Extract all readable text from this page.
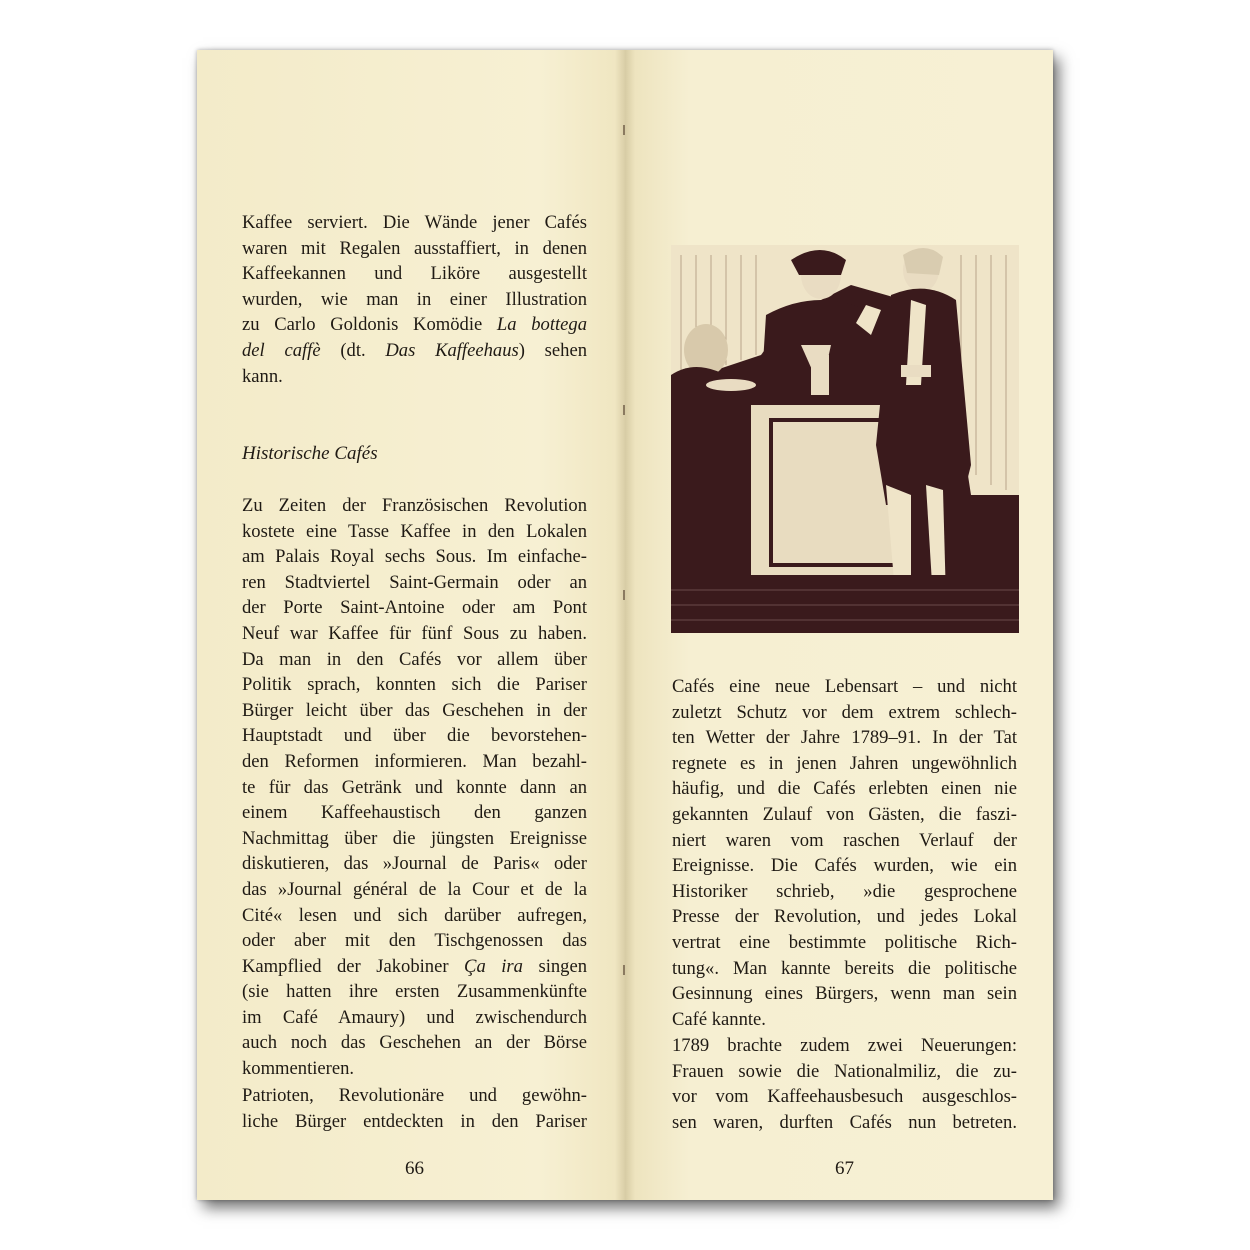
Kaffee serviert. Die Wände jener Cafés
waren mit Regalen ausstaffiert, in denen
Kaffeekannen und Liköre ausgestellt
wurden, wie man in einer Illustration
zu Carlo Goldonis Komödie La bottega
del caffè (dt. Das Kaffeehaus) sehen
kann.
Historische Cafés
Zu Zeiten der Französischen Revolution
kostete eine Tasse Kaffee in den Lokalen
am Palais Royal sechs Sous. Im einfache-
ren Stadtviertel Saint-Germain oder an
der Porte Saint-Antoine oder am Pont
Neuf war Kaffee für fünf Sous zu haben.
Da man in den Cafés vor allem über
Politik sprach, konnten sich die Pariser
Bürger leicht über das Geschehen in der
Hauptstadt und über die bevorstehen-
den Reformen informieren. Man bezahl-
te für das Getränk und konnte dann an
einem Kaffeehaustisch den ganzen
Nachmittag über die jüngsten Ereignisse
diskutieren, das »Journal de Paris« oder
das »Journal général de la Cour et de la
Cité« lesen und sich darüber aufregen,
oder aber mit den Tischgenossen das
Kampflied der Jakobiner Ça ira singen
(sie hatten ihre ersten Zusammenkünfte
im Café Amaury) und zwischendurch
auch noch das Geschehen an der Börse
kommentieren.
Patrioten, Revolutionäre und gewöhn-
liche Bürger entdeckten in den Pariser
66
Cafés eine neue Lebensart – und nicht
zuletzt Schutz vor dem extrem schlech-
ten Wetter der Jahre 1789–91. In der Tat
regnete es in jenen Jahren ungewöhnlich
häufig, und die Cafés erlebten einen nie
gekannten Zulauf von Gästen, die faszi-
niert waren vom raschen Verlauf der
Ereignisse. Die Cafés wurden, wie ein
Historiker schrieb, »die gesprochene
Presse der Revolution, und jedes Lokal
vertrat eine bestimmte politische Rich-
tung«. Man kannte bereits die politische
Gesinnung eines Bürgers, wenn man sein
Café kannte.
1789 brachte zudem zwei Neuerungen:
Frauen sowie die Nationalmiliz, die zu-
vor vom Kaffeehausbesuch ausgeschlos-
sen waren, durften Cafés nun betreten.
67
